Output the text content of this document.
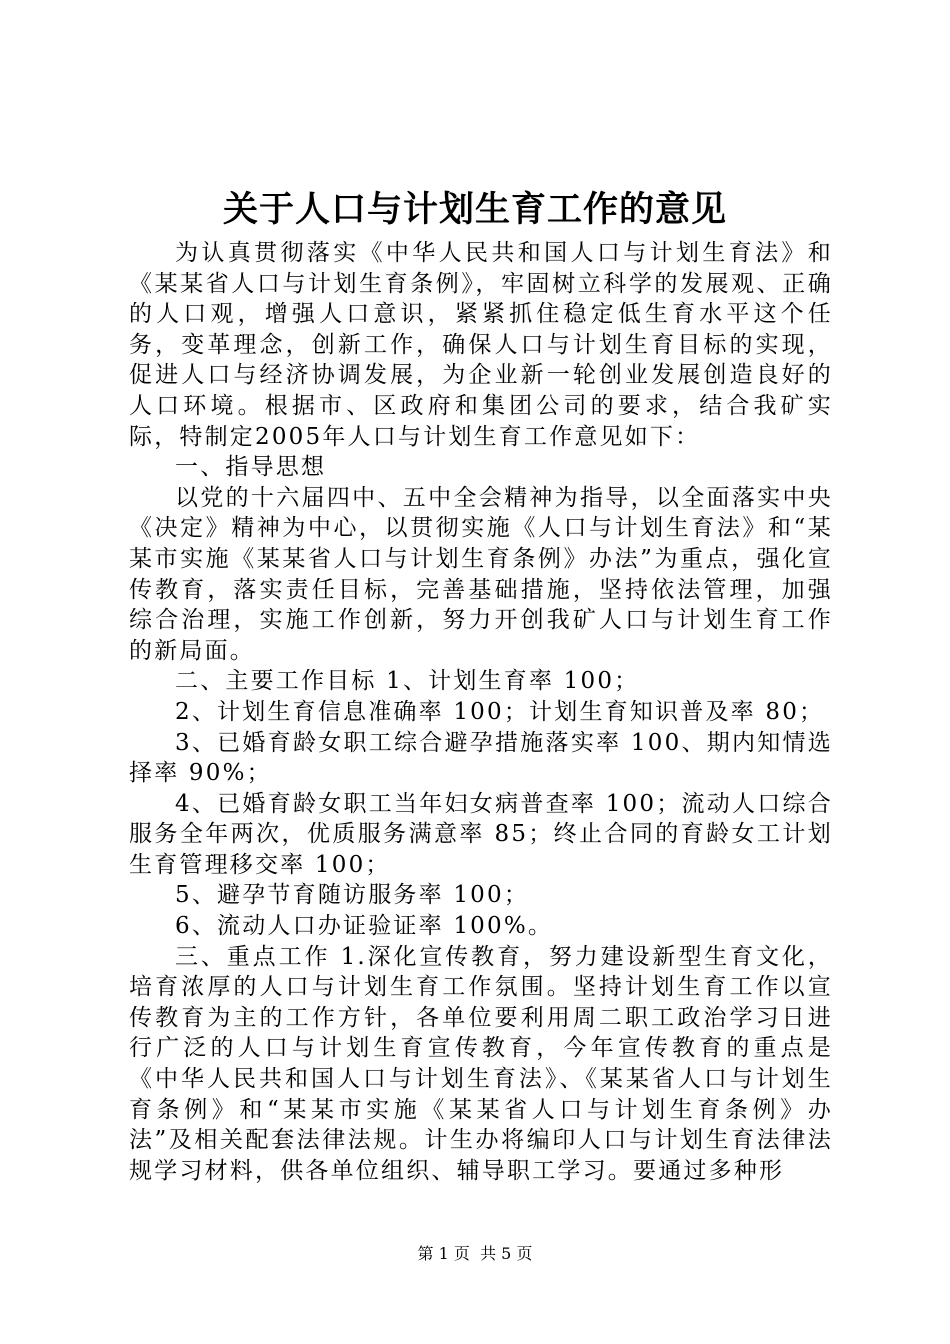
关于人口与计划生育工作的意见

为认真贯彻落实《中华人民共和国人口与计划生育法》和《某某省人口与计划生育条例》，牢固树立科学的发展观、正确的人口观，增强人口意识，紧紧抓住稳定低生育水平这个任务，变革理念，创新工作，确保人口与计划生育目标的实现，促进人口与经济协调发展，为企业新一轮创业发展创造良好的人口环境。根据市、区政府和集团公司的要求，结合我矿实际，特制定2005年人口与计划生育工作意见如下：

一、指导思想

以党的十六届四中、五中全会精神为指导，以全面落实中央《决定》精神为中心，以贯彻实施《人口与计划生育法》和“某某市实施《某某省人口与计划生育条例》办法”为重点，强化宣传教育，落实责任目标，完善基础措施，坚持依法管理，加强综合治理，实施工作创新，努力开创我矿人口与计划生育工作的新局面。

二、主要工作目标 1、计划生育率 100；

2、计划生育信息准确率 100；计划生育知识普及率 80；

3、已婚育龄女职工综合避孕措施落实率 100、期内知情选择率 90%；

4、已婚育龄女职工当年妇女病普查率 100；流动人口综合服务全年两次，优质服务满意率 85；终止合同的育龄女工计划生育管理移交率 100；

5、避孕节育随访服务率 100；

6、流动人口办证验证率 100%。

三、重点工作 1.深化宣传教育，努力建设新型生育文化，培育浓厚的人口与计划生育工作氛围。坚持计划生育工作以宣传教育为主的工作方针，各单位要利用周二职工政治学习日进行广泛的人口与计划生育宣传教育，今年宣传教育的重点是《中华人民共和国人口与计划生育法》、《某某省人口与计划生育条例》和“某某市实施《某某省人口与计划生育条例》办法”及相关配套法律法规。计生办将编印人口与计划生育法律法规学习材料，供各单位组织、辅导职工学习。要通过多种形

第 1 页 共 5 页
